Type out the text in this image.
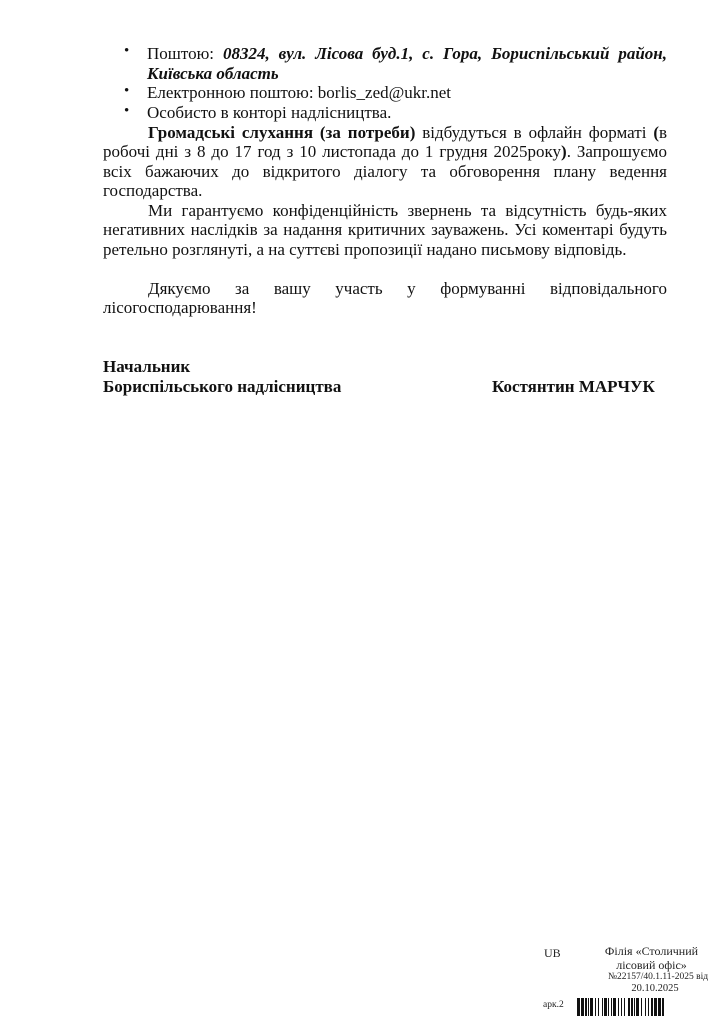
• Поштою: 08324, вул. Лісова буд.1, с. Гора, Бориспільський район,
Київська область
• Електронною поштою: borlis_zed@ukr.net
• Особисто в конторі надлісництва.
Громадські слухання (за потреби) відбудуться в офлайн форматі (в
робочі дні з 8 до 17 год з 10 листопада до 1 грудня 2025року). Запрошуємо
всіх бажаючих до відкритого діалогу та обговорення плану ведення
господарства.
Ми гарантуємо конфіденційність звернень та відсутність будь-яких
негативних наслідків за надання критичних зауважень. Усі коментарі будуть
ретельно розглянуті, а на суттєві пропозиції надано письмову відповідь.
Дякуємо за вашу участь у формуванні відповідального
лісогосподарювання!
Начальник
Бориспільського надлісництва	Костянтин МАРЧУК
UB	Філія «Столичний
лісовий офіс»
№22157/40.1.11-2025 від
20.10.2025
арк.2
